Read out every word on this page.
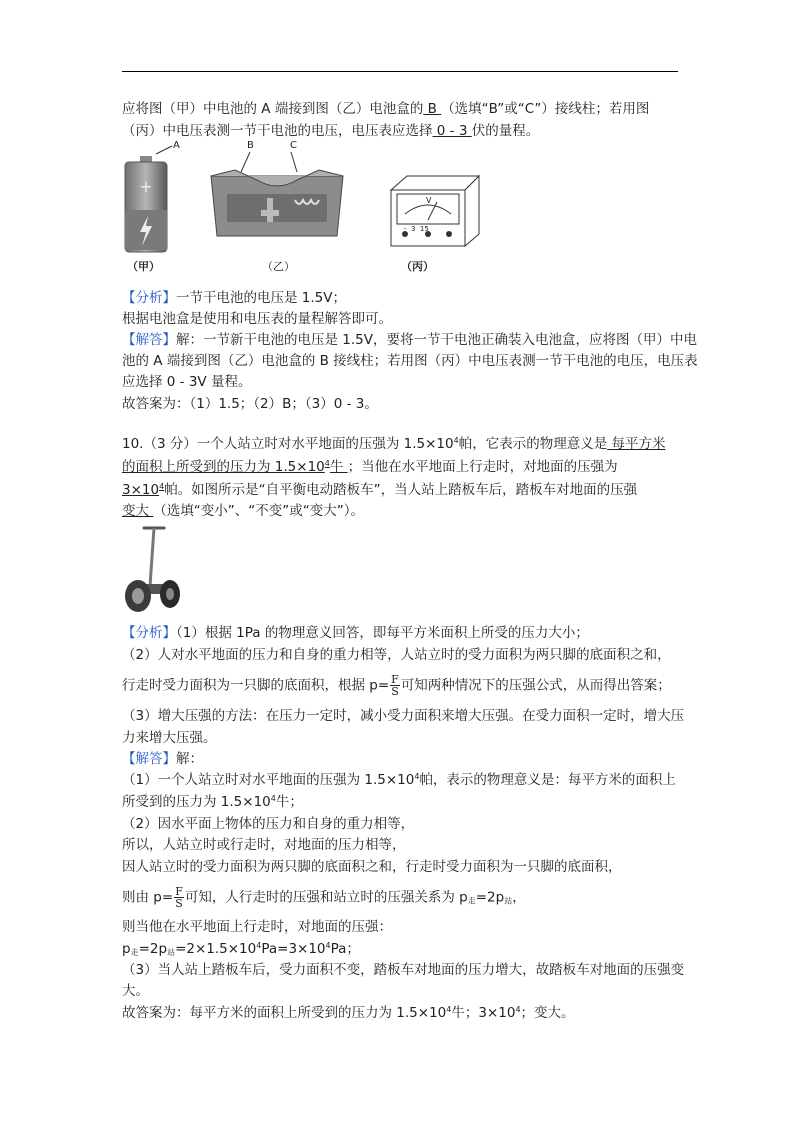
应将图（甲）中电池的 A 端接到图（乙）电池盒的 B （选填“B”或“C”）接线柱；若用图
（丙）中电压表测一节干电池的电压，电压表应选择 0 - 3 伏的量程。
+
A
（甲）
B	C
（乙）
V
-  3  15
（丙）
【分析】一节干电池的电压是 1.5V；
根据电池盒是使用和电压表的量程解答即可。
【解答】解：一节新干电池的电压是 1.5V，要将一节干电池正确装入电池盒，应将图（甲）中电
池的 A 端接到图（乙）电池盒的 B 接线柱；若用图（丙）中电压表测一节干电池的电压，电压表
应选择 0 - 3V 量程。
故答案为：（1）1.5；（2）B；（3）0 - 3。
10.（3 分）一个人站立时对水平地面的压强为 $1.5\times 10^4$帕，它表示的物理意义是 每平方米
的面积上所受到的压力为 $1.5\times 10^4$牛 ；当他在水平地面上行走时，对地面的压强为
$3\times 10^4$帕。如图所示是“自平衡电动踏板车”，当人站上踏板车后，踏板车对地面的压强
变大 （选填“变小”、“不变”或“变大”）。
【分析】（1）根据 1Pa 的物理意义回答，即每平方米面积上所受的压力大小；
（2）人对水平地面的压力和自身的重力相等，人站立时的受力面积为两只脚的底面积之和，
行走时受力面积为一只脚的底面积，根据 $p= \frac{F}{S}$ 可知两种情况下的压强公式，从而得出答案；
（3）增大压强的方法：在压力一定时，减小受力面积来增大压强。在受力面积一定时，增大压
力来增大压强。
【解答】解：
（1）一个人站立时对水平地面的压强为 $1.5\times 10^4$帕，表示的物理意义是：每平方米的面积上
所受到的压力为 $1.5\times 10^4$牛；
（2）因水平面上物体的压力和自身的重力相等，
所以，人站立时或行走时，对地面的压力相等，
因人站立时的受力面积为两只脚的底面积之和，行走时受力面积为一只脚的底面积，
则由 $p= \frac{F}{S}$ 可知，人行走时的压强和站立时的压强关系为 $p_走=2p_站$，
则当他在水平地面上行走时，对地面的压强：
$p_走=2p_站=2\times 1.5\times 10^4Pa=3\times 10^4Pa$；
（3）当人站上踏板车后，受力面积不变，踏板车对地面的压力增大，故踏板车对地面的压强变
大。
故答案为：每平方米的面积上所受到的压力为 $1.5\times 10^4$牛；$3\times 10^4$；变大。
